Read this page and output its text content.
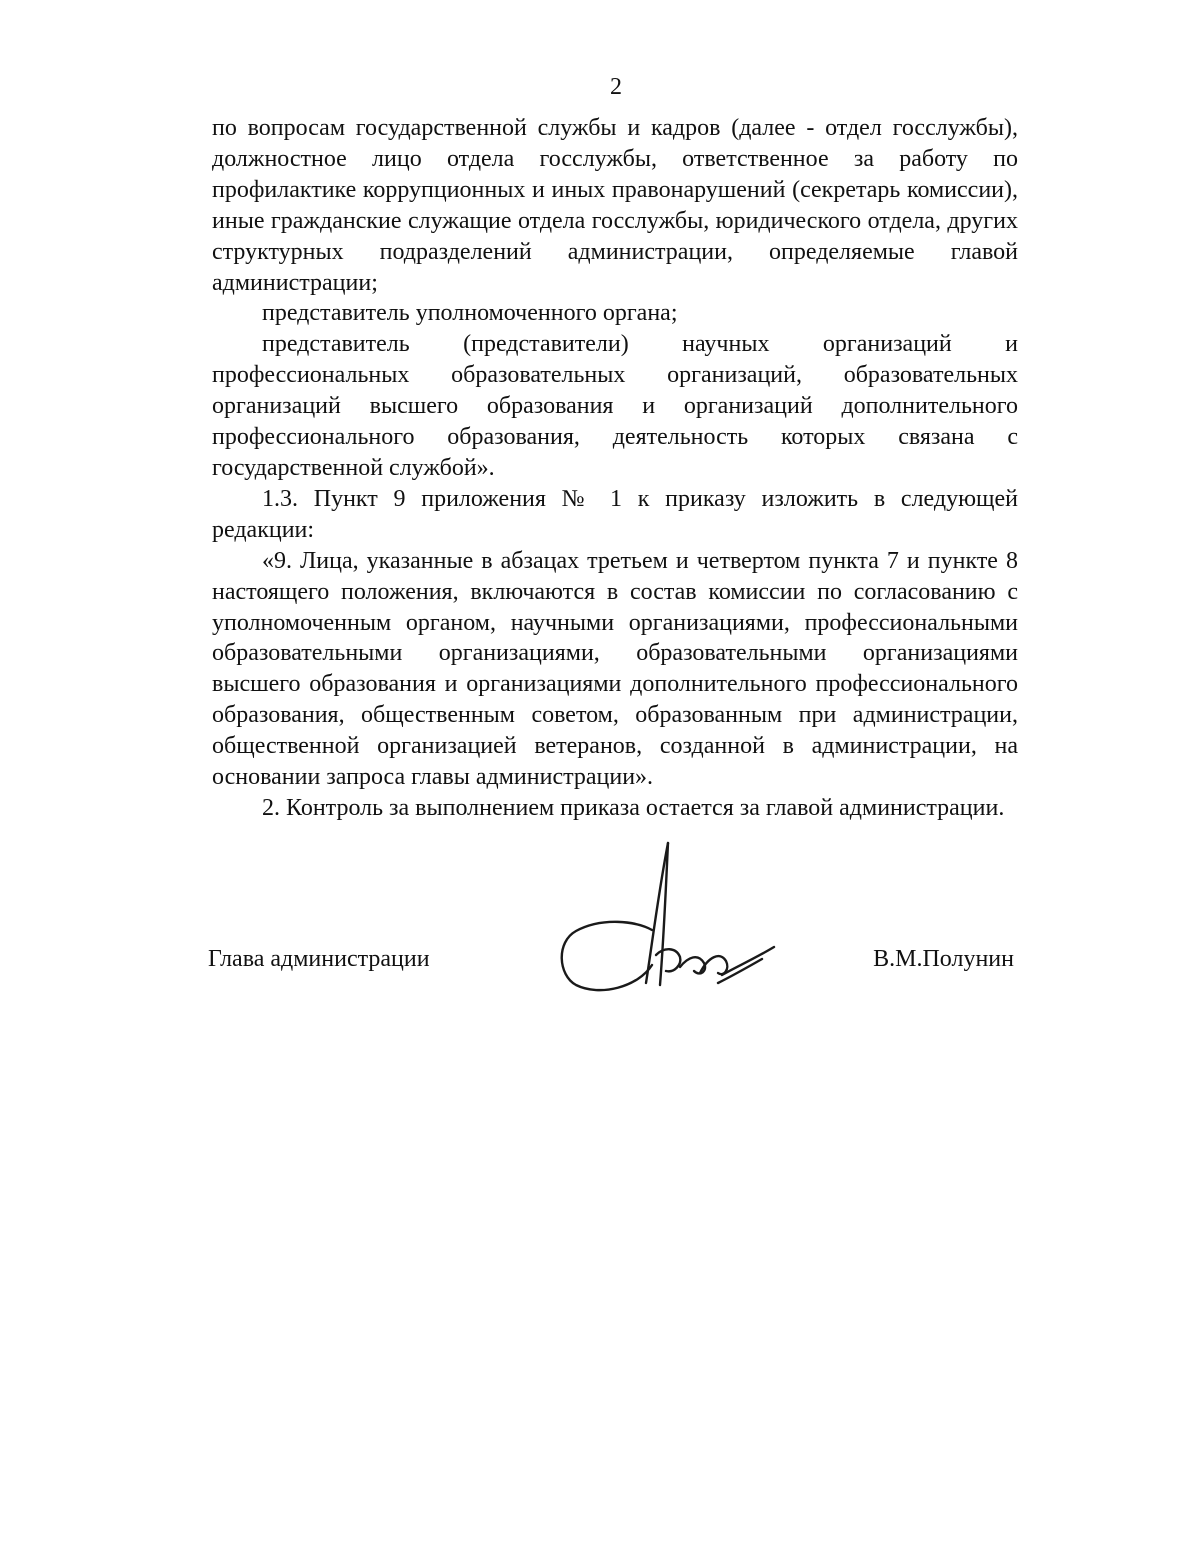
2

по вопросам государственной службы и кадров (далее - отдел госслужбы), должностное лицо отдела госслужбы, ответственное за работу по профилактике коррупционных и иных правонарушений (секретарь комиссии), иные гражданские служащие отдела госслужбы, юридического отдела, других структурных подразделений администрации, определяемые главой администрации;

представитель уполномоченного органа;

представитель (представители) научных организаций и профессиональных образовательных организаций, образовательных организаций высшего образования и организаций дополнительного профессионального образования, деятельность которых связана с государственной службой».

1.3. Пункт 9 приложения № 1 к приказу изложить в следующей редакции:

«9. Лица, указанные в абзацах третьем и четвертом пункта 7 и пункте 8 настоящего положения, включаются в состав комиссии по согласованию с уполномоченным органом, научными организациями, профессиональными образовательными организациями, образовательными организациями высшего образования и организациями дополнительного профессионального образования, общественным советом, образованным при администрации, общественной организацией ветеранов, созданной в администрации, на основании запроса главы администрации».

2. Контроль за выполнением приказа остается за главой администрации.

Глава администрации	В.М.Полунин
